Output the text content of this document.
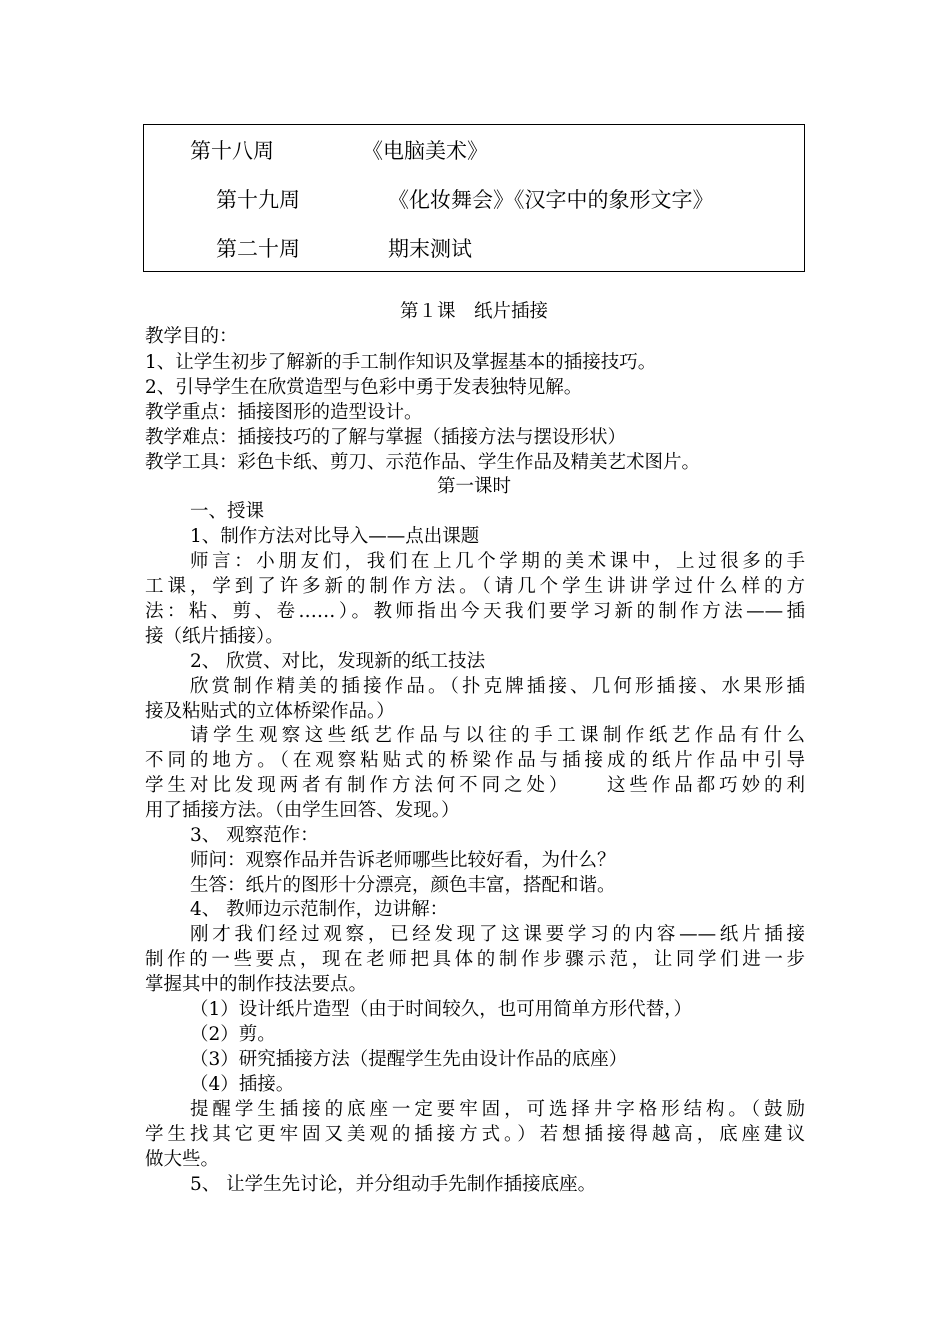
第十八周	《电脑美术》
第十九周	《化妆舞会》《汉字中的象形文字》
第二十周	期末测试
第１课　纸片插接
教学目的：
1、让学生初步了解新的手工制作知识及掌握基本的插接技巧。
2、引导学生在欣赏造型与色彩中勇于发表独特见解。
教学重点：插接图形的造型设计。
教学难点：插接技巧的了解与掌握（插接方法与摆设形状）
教学工具：彩色卡纸、剪刀、示范作品、学生作品及精美艺术图片。
第一课时
一、授课
1、制作方法对比导入——点出课题
师言：小朋友们，我们在上几个学期的美术课中，上过很多的手
工课，学到了许多新的制作方法。（请几个学生讲讲学过什么样的方
法：粘、剪、卷……）。教师指出今天我们要学习新的制作方法——插
接（纸片插接）。
2、 欣赏、对比，发现新的纸工技法
欣赏制作精美的插接作品。（扑克牌插接、几何形插接、水果形插
接及粘贴式的立体桥梁作品。）
请学生观察这些纸艺作品与以往的手工课制作纸艺作品有什么
不同的地方。（在观察粘贴式的桥梁作品与插接成的纸片作品中引导
学生对比发现两者有制作方法何不同之处）　　这些作品都巧妙的利
用了插接方法。（由学生回答、发现。）
3、 观察范作：
师问：观察作品并告诉老师哪些比较好看，为什么？
生答：纸片的图形十分漂亮，颜色丰富，搭配和谐。
4、 教师边示范制作，边讲解：
刚才我们经过观察，已经发现了这课要学习的内容——纸片插接
制作的一些要点，现在老师把具体的制作步骤示范，让同学们进一步
掌握其中的制作技法要点。
（1）设计纸片造型（由于时间较久，也可用简单方形代替，）
（2）剪。
（3）研究插接方法（提醒学生先由设计作品的底座）
（4）插接。
提醒学生插接的底座一定要牢固，可选择井字格形结构。（鼓励
学生找其它更牢固又美观的插接方式。）若想插接得越高，底座建议
做大些。
5、 让学生先讨论，并分组动手先制作插接底座。
